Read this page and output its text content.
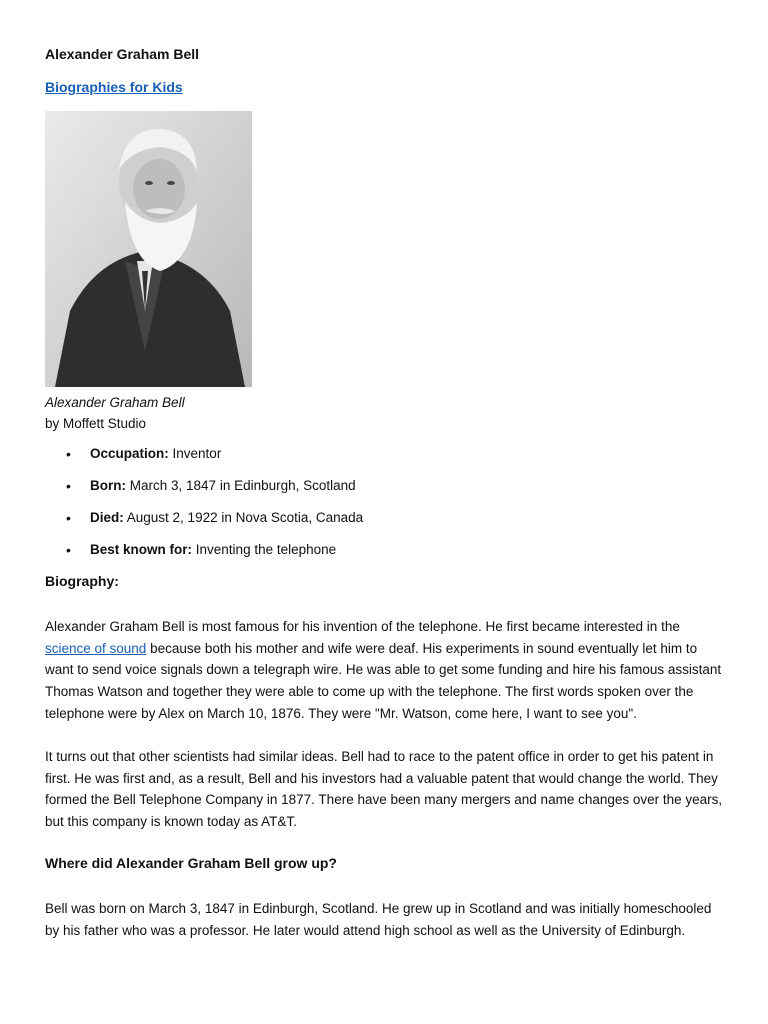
Alexander Graham Bell
Biographies for Kids
Alexander Graham Bell
by Moffett Studio
• Occupation: Inventor
• Born: March 3, 1847 in Edinburgh, Scotland
• Died: August 2, 1922 in Nova Scotia, Canada
• Best known for: Inventing the telephone
Biography:

Alexander Graham Bell is most famous for his invention of the telephone. He first became interested in the science of sound because both his mother and wife were deaf. His experiments in sound eventually let him to want to send voice signals down a telegraph wire. He was able to get some funding and hire his famous assistant Thomas Watson and together they were able to come up with the telephone. The first words spoken over the telephone were by Alex on March 10, 1876. They were "Mr. Watson, come here, I want to see you".

It turns out that other scientists had similar ideas. Bell had to race to the patent office in order to get his patent in first. He was first and, as a result, Bell and his investors had a valuable patent that would change the world. They formed the Bell Telephone Company in 1877. There have been many mergers and name changes over the years, but this company is known today as AT&T.

Where did Alexander Graham Bell grow up?

Bell was born on March 3, 1847 in Edinburgh, Scotland. He grew up in Scotland and was initially homeschooled by his father who was a professor. He later would attend high school as well as the University of Edinburgh.
